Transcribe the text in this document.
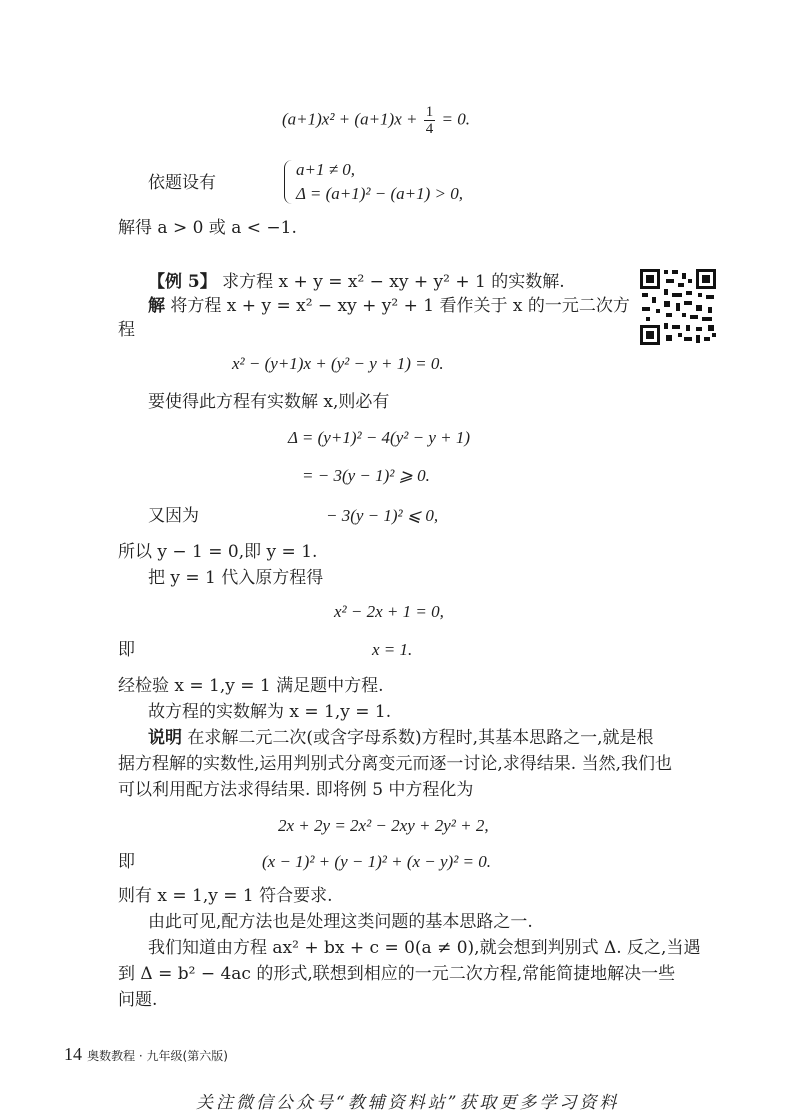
$(a+1)x^2 + (a+1)x + \frac{1}{4} = 0$.
依题设有
a+1 ≠ 0,
Δ = (a+1)² − (a+1) > 0,
解得 a > 0 或 a < −1.
【例 5】 求方程 x + y = x² − xy + y² + 1 的实数解.
解 将方程 x + y = x² − xy + y² + 1 看作关于 x 的一元二次方
程
x² − (y+1)x + (y² − y + 1) = 0.
要使得此方程有实数解 x,则必有
Δ = (y+1)² − 4(y² − y + 1)
= − 3(y − 1)² ⩾ 0.
又因为	− 3(y − 1)² ⩽ 0,
所以 y − 1 = 0,即 y = 1.
把 y = 1 代入原方程得
x² − 2x + 1 = 0,
即	x = 1.
经检验 x = 1,y = 1 满足题中方程.
故方程的实数解为 x = 1,y = 1.
说明 在求解二元二次(或含字母系数)方程时,其基本思路之一,就是根
据方程解的实数性,运用判别式分离变元而逐一讨论,求得结果. 当然,我们也
可以利用配方法求得结果. 即将例 5 中方程化为
2x + 2y = 2x² − 2xy + 2y² + 2,
即	(x − 1)² + (y − 1)² + (x − y)² = 0.
则有 x = 1,y = 1 符合要求.
由此可见,配方法也是处理这类问题的基本思路之一.
我们知道由方程 ax² + bx + c = 0(a ≠ 0),就会想到判别式 Δ. 反之,当遇
到 Δ = b² − 4ac 的形式,联想到相应的一元二次方程,常能简捷地解决一些
问题.
14 奥数教程 · 九年级(第六版)
关注微信公众号“教辅资料站”获取更多学习资料
